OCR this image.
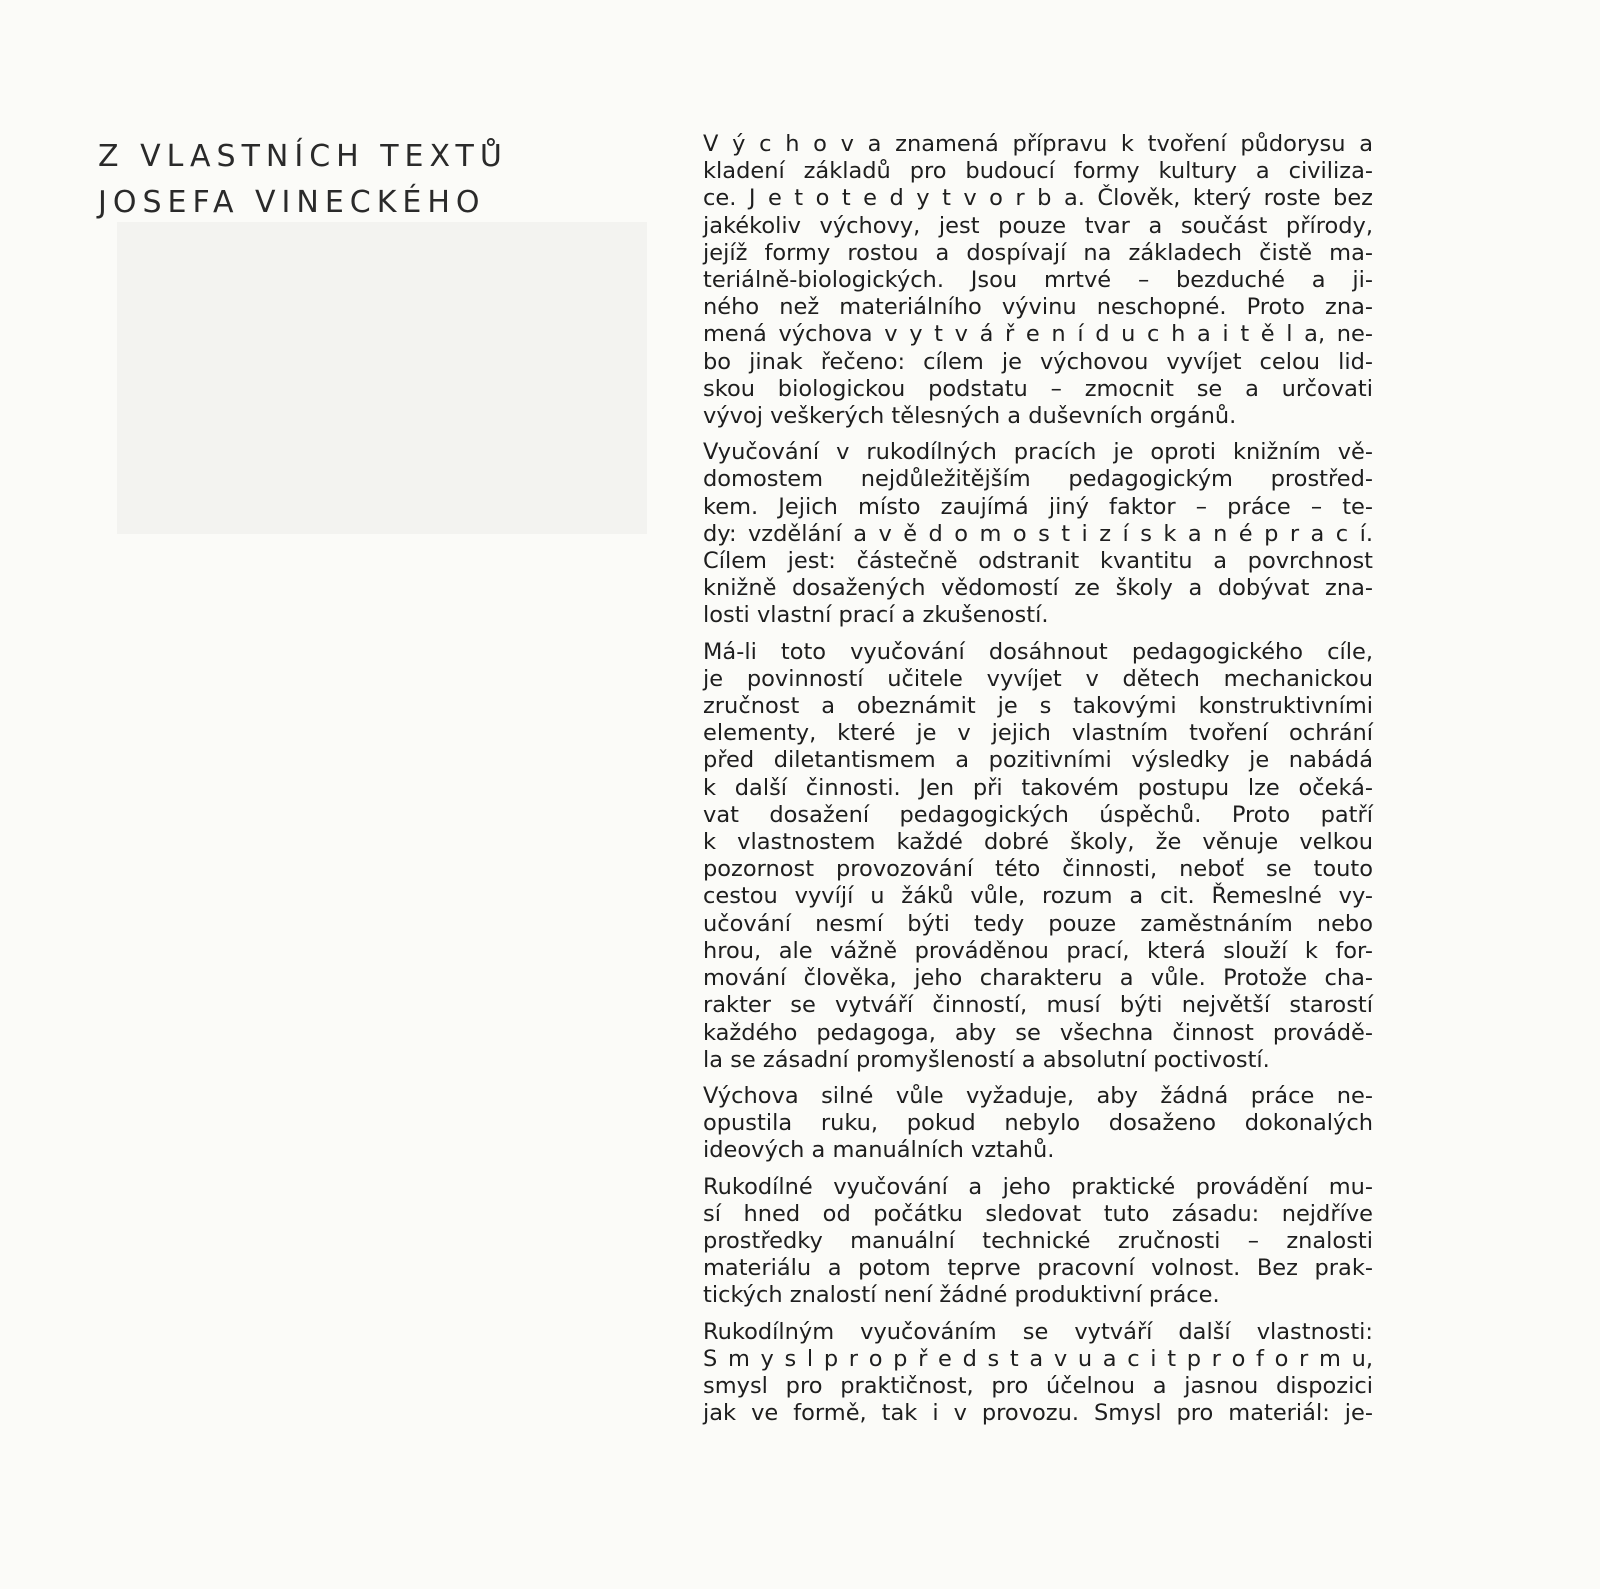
Z VLASTNÍCH TEXTŮ
JOSEFA VINECKÉHO

V ý c h o v a znamená přípravu k tvoření půdorysu a
kladení základů pro budoucí formy kultury a civiliza-
ce. J e t o t e d y t v o r b a. Člověk, který roste bez
jakékoliv výchovy, jest pouze tvar a součást přírody,
jejíž formy rostou a dospívají na základech čistě ma-
teriálně-biologických. Jsou mrtvé – bezduché a ji-
ného než materiálního vývinu neschopné. Proto zna-
mená výchova v y t v á ř e n í d u c h a i t ě l a, ne-
bo jinak řečeno: cílem je výchovou vyvíjet celou lid-
skou biologickou podstatu – zmocnit se a určovati
vývoj veškerých tělesných a duševních orgánů.

Vyučování v rukodílných pracích je oproti knižním vě-
domostem nejdůležitějším pedagogickým prostřed-
kem. Jejich místo zaujímá jiný faktor – práce – te-
dy: vzdělání a v ě d o m o s t i z í s k a n é p r a c í.
Cílem jest: částečně odstranit kvantitu a povrchnost
knižně dosažených vědomostí ze školy a dobývat zna-
losti vlastní prací a zkušeností.

Má-li toto vyučování dosáhnout pedagogického cíle,
je povinností učitele vyvíjet v dětech mechanickou
zručnost a obeznámit je s takovými konstruktivními
elementy, které je v jejich vlastním tvoření ochrání
před diletantismem a pozitivními výsledky je nabádá
k další činnosti. Jen při takovém postupu lze očeká-
vat dosažení pedagogických úspěchů. Proto patří
k vlastnostem každé dobré školy, že věnuje velkou
pozornost provozování této činnosti, neboť se touto
cestou vyvíjí u žáků vůle, rozum a cit. Řemeslné vy-
učování nesmí býti tedy pouze zaměstnáním nebo
hrou, ale vážně prováděnou prací, která slouží k for-
mování člověka, jeho charakteru a vůle. Protože cha-
rakter se vytváří činností, musí býti největší starostí
každého pedagoga, aby se všechna činnost provádě-
la se zásadní promyšleností a absolutní poctivostí.

Výchova silné vůle vyžaduje, aby žádná práce ne-
opustila ruku, pokud nebylo dosaženo dokonalých
ideových a manuálních vztahů.

Rukodílné vyučování a jeho praktické provádění mu-
sí hned od počátku sledovat tuto zásadu: nejdříve
prostředky manuální technické zručnosti – znalosti
materiálu a potom teprve pracovní volnost. Bez prak-
tických znalostí není žádné produktivní práce.

Rukodílným vyučováním se vytváří další vlastnosti:
S m y s l p r o p ř e d s t a v u a c i t p r o f o r m u,
smysl pro praktičnost, pro účelnou a jasnou dispozici
jak ve formě, tak i v provozu. Smysl pro materiál: je-
